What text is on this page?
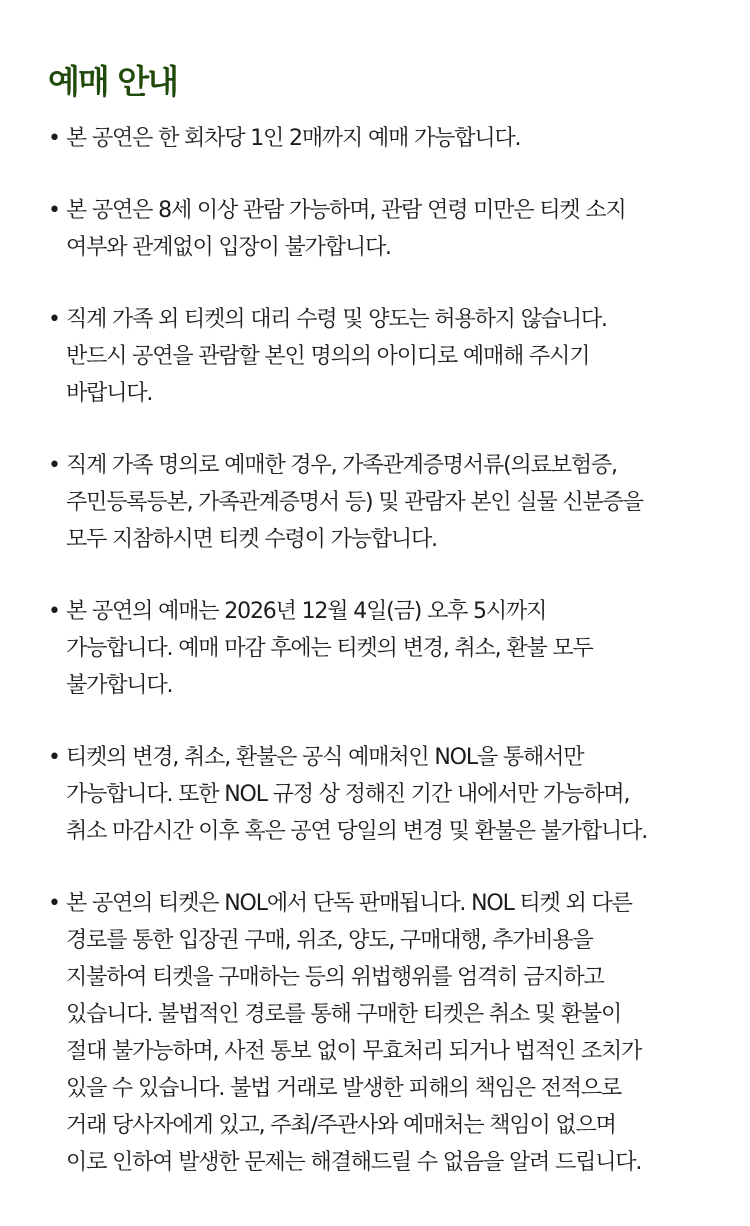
예매 안내
• 본 공연은 한 회차당 1인 2매까지 예매 가능합니다.
• 본 공연은 8세 이상 관람 가능하며, 관람 연령 미만은 티켓 소지
여부와 관계없이 입장이 불가합니다.
• 직계 가족 외 티켓의 대리 수령 및 양도는 허용하지 않습니다.
반드시 공연을 관람할 본인 명의의 아이디로 예매해 주시기
바랍니다.
• 직계 가족 명의로 예매한 경우, 가족관계증명서류(의료보험증,
주민등록등본, 가족관계증명서 등) 및 관람자 본인 실물 신분증을
모두 지참하시면 티켓 수령이 가능합니다.
• 본 공연의 예매는 2026년 12월 4일(금) 오후 5시까지
가능합니다. 예매 마감 후에는 티켓의 변경, 취소, 환불 모두
불가합니다.
• 티켓의 변경, 취소, 환불은 공식 예매처인 NOL을 통해서만
가능합니다. 또한 NOL 규정 상 정해진 기간 내에서만 가능하며,
취소 마감시간 이후 혹은 공연 당일의 변경 및 환불은 불가합니다.
• 본 공연의 티켓은 NOL에서 단독 판매됩니다. NOL 티켓 외 다른
경로를 통한 입장권 구매, 위조, 양도, 구매대행, 추가비용을
지불하여 티켓을 구매하는 등의 위법행위를 엄격히 금지하고
있습니다. 불법적인 경로를 통해 구매한 티켓은 취소 및 환불이
절대 불가능하며, 사전 통보 없이 무효처리 되거나 법적인 조치가
있을 수 있습니다. 불법 거래로 발생한 피해의 책임은 전적으로
거래 당사자에게 있고, 주최/주관사와 예매처는 책임이 없으며
이로 인하여 발생한 문제는 해결해드릴 수 없음을 알려 드립니다.
